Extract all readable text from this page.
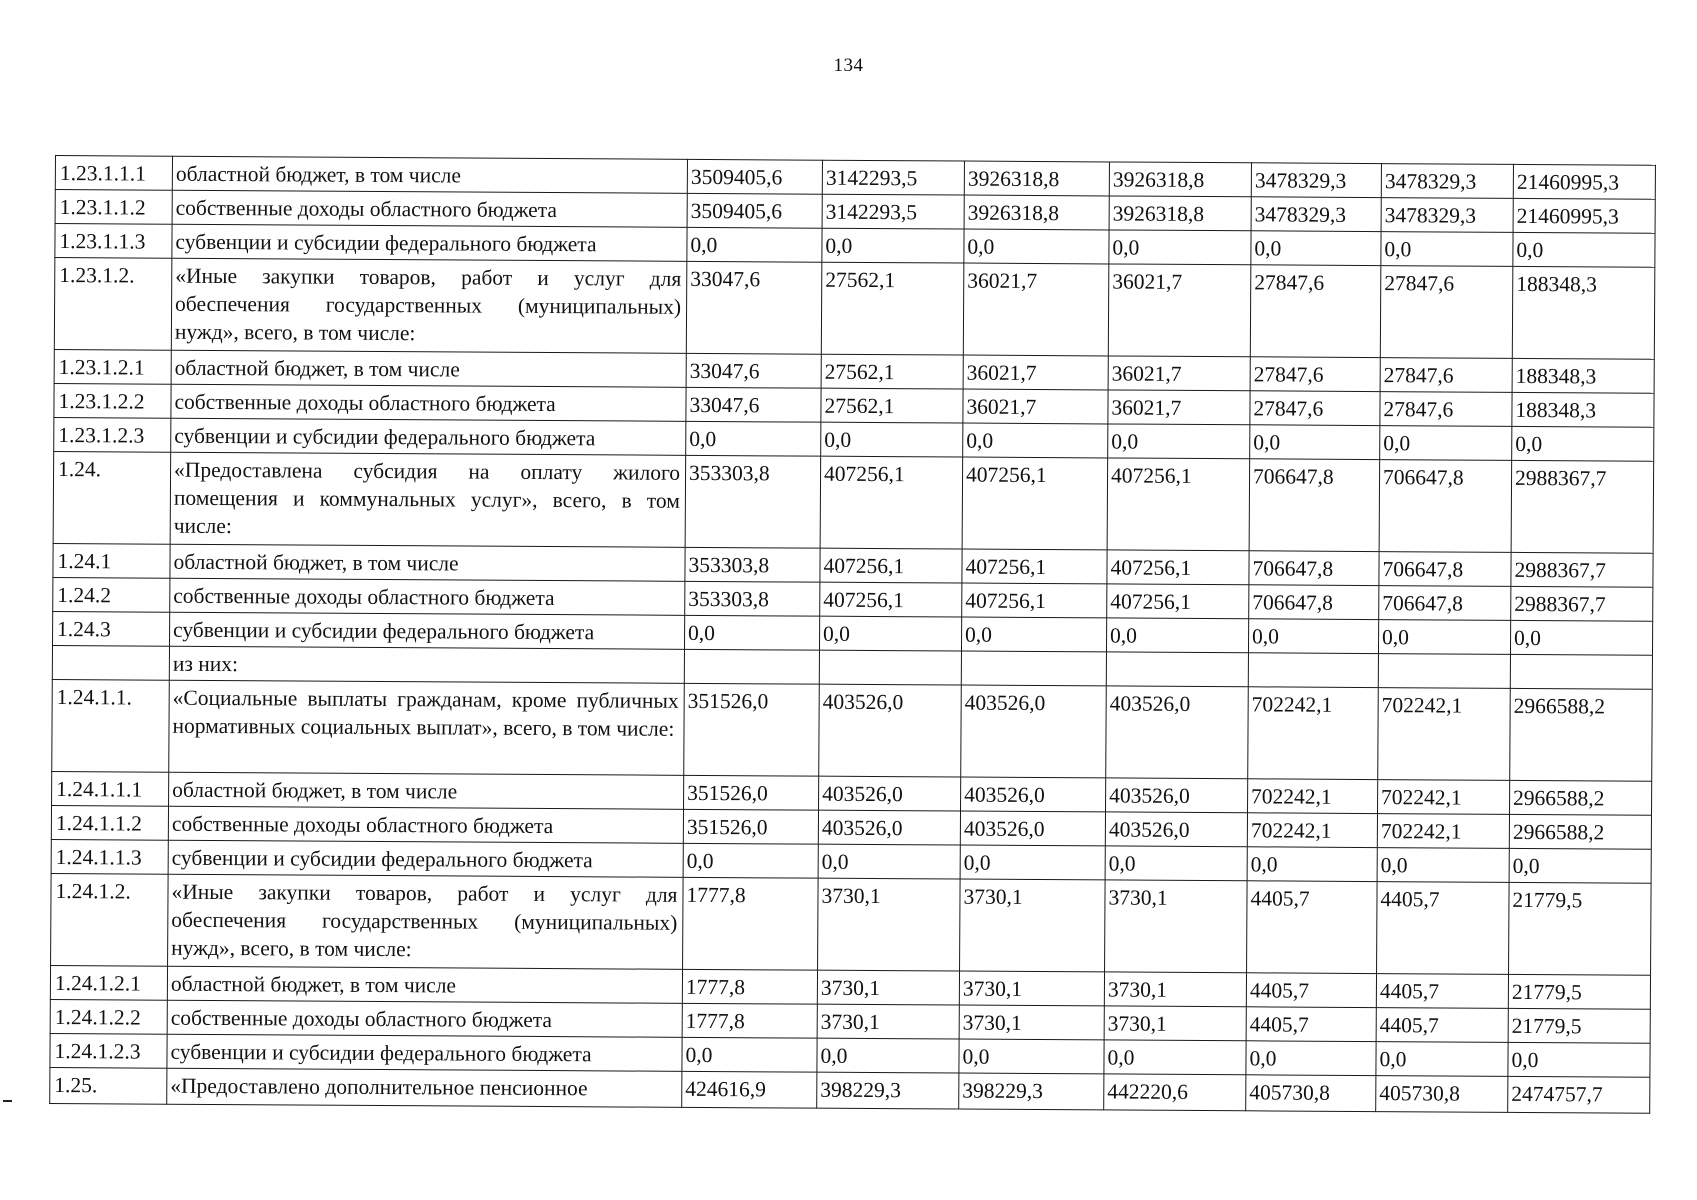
134
1.23.1.1.1	областной бюджет, в том числе	3509405,6	3142293,5	3926318,8	3926318,8	3478329,3	3478329,3	21460995,3
1.23.1.1.2	собственные доходы областного бюджета	3509405,6	3142293,5	3926318,8	3926318,8	3478329,3	3478329,3	21460995,3
1.23.1.1.3	субвенции и субсидии федерального бюджета	0,0	0,0	0,0	0,0	0,0	0,0	0,0
1.23.1.2.	«Иные закупки товаров, работ и услуг для обеспечения государственных (муниципальных) нужд», всего, в том числе:	33047,6	27562,1	36021,7	36021,7	27847,6	27847,6	188348,3
1.23.1.2.1	областной бюджет, в том числе	33047,6	27562,1	36021,7	36021,7	27847,6	27847,6	188348,3
1.23.1.2.2	собственные доходы областного бюджета	33047,6	27562,1	36021,7	36021,7	27847,6	27847,6	188348,3
1.23.1.2.3	субвенции и субсидии федерального бюджета	0,0	0,0	0,0	0,0	0,0	0,0	0,0
1.24.	«Предоставлена субсидия на оплату жилого помещения и коммунальных услуг», всего, в том числе:	353303,8	407256,1	407256,1	407256,1	706647,8	706647,8	2988367,7
1.24.1	областной бюджет, в том числе	353303,8	407256,1	407256,1	407256,1	706647,8	706647,8	2988367,7
1.24.2	собственные доходы областного бюджета	353303,8	407256,1	407256,1	407256,1	706647,8	706647,8	2988367,7
1.24.3	субвенции и субсидии федерального бюджета	0,0	0,0	0,0	0,0	0,0	0,0	0,0
	из них:							
1.24.1.1.	«Социальные выплаты гражданам, кроме публичных нормативных социальных выплат», всего, в том числе:	351526,0	403526,0	403526,0	403526,0	702242,1	702242,1	2966588,2
1.24.1.1.1	областной бюджет, в том числе	351526,0	403526,0	403526,0	403526,0	702242,1	702242,1	2966588,2
1.24.1.1.2	собственные доходы областного бюджета	351526,0	403526,0	403526,0	403526,0	702242,1	702242,1	2966588,2
1.24.1.1.3	субвенции и субсидии федерального бюджета	0,0	0,0	0,0	0,0	0,0	0,0	0,0
1.24.1.2.	«Иные закупки товаров, работ и услуг для обеспечения государственных (муниципальных) нужд», всего, в том числе:	1777,8	3730,1	3730,1	3730,1	4405,7	4405,7	21779,5
1.24.1.2.1	областной бюджет, в том числе	1777,8	3730,1	3730,1	3730,1	4405,7	4405,7	21779,5
1.24.1.2.2	собственные доходы областного бюджета	1777,8	3730,1	3730,1	3730,1	4405,7	4405,7	21779,5
1.24.1.2.3	субвенции и субсидии федерального бюджета	0,0	0,0	0,0	0,0	0,0	0,0	0,0
1.25.	«Предоставлено дополнительное пенсионное	424616,9	398229,3	398229,3	442220,6	405730,8	405730,8	2474757,7
